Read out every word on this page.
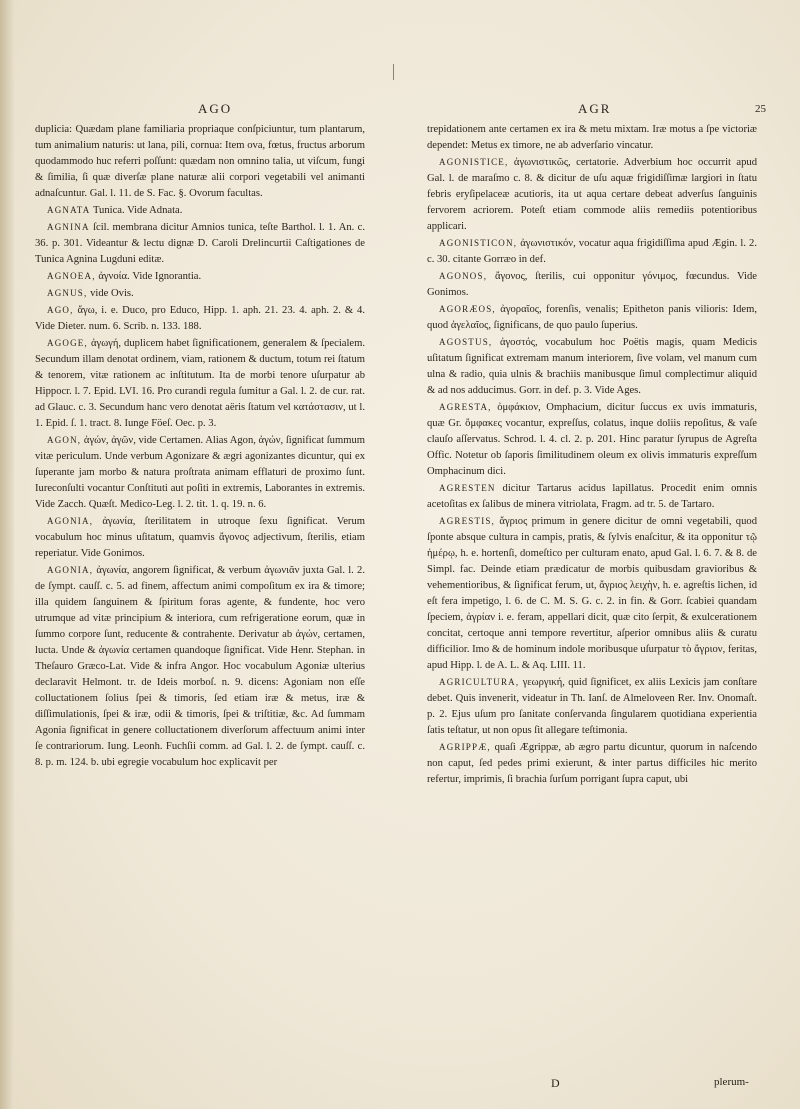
AGO	AGR	25

duplicia: Quædam plane familiaria propriaque conſpiciuntur, tum plantarum, tum animalium naturis: ut lana, pili, cornua: Item ova, fœtus, fructus arborum quodammodo huc referri poſſunt: quædam non omnino talia, ut viſcum, fungi & ſimilia, ſi quæ diverſæ plane naturæ alii corpori vegetabili vel animanti adnaſcuntur. Gal. l. 11. de S. Fac. §. Ovorum facultas.

AGNATA Tunica. Vide Adnata.

AGNINA ſcil. membrana dicitur Amnios tunica, teſte Barthol. l. 1. An. c. 36. p. 301. Videantur & lectu dignæ D. Caroli Drelincurtii Caſtigationes de Tunica Agnina Lugduni editæ.

AGNOEA, ἀγνοία. Vide Ignorantia.

AGNUS, vide Ovis.

AGO, ἄγω, i. e. Duco, pro Educo, Hipp. 1. aph. 21. 23. 4. aph. 2. & 4. Vide Dieter. num. 6. Scrib. n. 133. 188.

AGOGE, ἀγωγή, duplicem habet ſignificationem, generalem & ſpecialem. Secundum illam denotat ordinem, viam, rationem & ductum, totum rei ſtatum & tenorem, vitæ rationem ac inſtitutum. Ita de morbi tenore uſurpatur ab Hippocr. l. 7. Epid. LVI. 16. Pro curandi regula ſumitur a Gal. l. 2. de cur. rat. ad Glauc. c. 3. Secundum hanc vero denotat aëris ſtatum vel κατάστασιν, ut l. 1. Epid. ſ. 1. tract. 8. Iunge Föeſ. Oec. p. 3.

AGON, ἀγών, ἀγῶν, vide Certamen. Alias Agon, ἀγών, ſignificat ſummum vitæ periculum. Unde verbum Agonizare & ægri agonizantes dicuntur, qui ex ſuperante jam morbo & natura proſtrata animam efflaturi de proximo ſunt. Iureconſulti vocantur Conſtituti aut poſiti in extremis, Laborantes in extremis. Vide Zacch. Quæſt. Medico-Leg. l. 2. tit. 1. q. 19. n. 6.

AGONIA, ἀγωνία, ſterilitatem in utroque ſexu ſignificat. Verum vocabulum hoc minus uſitatum, quamvis ἄγονος adjectivum, ſterilis, etiam reperiatur. Vide Gonimos.

AGONIA, ἀγωνία, angorem ſignificat, & verbum ἀγωνιᾶν juxta Gal. l. 2. de ſympt. cauſſ. c. 5. ad finem, affectum animi compoſitum ex ira & timore; illa quidem ſanguinem & ſpiritum foras agente, & fundente, hoc vero utrumque ad vitæ principium & interiora, cum refrigeratione eorum, quæ in ſummo corpore ſunt, reducente & contrahente. Derivatur ab ἀγών, certamen, lucta. Unde & ἀγωνία certamen quandoque ſignificat. Vide Henr. Stephan. in Theſauro Græco-Lat. Vide & infra Angor. Hoc vocabulum Agoniæ ulterius declaravit Helmont. tr. de Ideis morboſ. n. 9. dicens: Agoniam non eſſe colluctationem ſolius ſpei & timoris, ſed etiam iræ & metus, iræ & diſſimulationis, ſpei & iræ, odii & timoris, ſpei & triſtitiæ, &c. Ad ſummam Agonia ſignificat in genere colluctationem diverſorum affectuum animi inter ſe contrariorum. Iung. Leonh. Fuchſii comm. ad Gal. l. 2. de ſympt. cauſſ. c. 8. p. m. 124. b. ubi egregie vocabulum hoc explicavit per

trepidationem ante certamen ex ira & metu mixtam. Iræ motus a ſpe victoriæ dependet: Metus ex timore, ne ab adverſario vincatur.

AGONISTICE, ἀγωνιστικῶς, certatorie. Adverbium hoc occurrit apud Gal. l. de maraſmo c. 8. & dicitur de uſu aquæ frigidiſſimæ largiori in ſtatu febris eryſipelaceæ acutioris, ita ut aqua certare debeat adverſus ſanguinis fervorem acriorem. Poteſt etiam commode aliis remediis potentioribus applicari.

AGONISTICON, ἀγωνιστικόν, vocatur aqua frigidiſſima apud Ægin. l. 2. c. 30. citante Gorræo in def.

AGONOS, ἄγονος, ſterilis, cui opponitur γόνιμος, fœcundus. Vide Gonimos.

AGORÆOS, ἀγοραῖος, forenſis, venalis; Epitheton panis vilioris: Idem, quod ἀγελαῖος, ſignificans, de quo paulo ſuperius.

AGOSTUS, ἀγοστός, vocabulum hoc Poëtis magis, quam Medicis uſitatum ſignificat extremam manum interiorem, ſive volam, vel manum cum ulna & radio, quia ulnis & brachiis manibusque ſimul complectimur aliquid & ad nos adducimus. Gorr. in def. p. 3. Vide Ages.

AGRESTA, ὀμφάκιον, Omphacium, dicitur ſuccus ex uvis immaturis, quæ Gr. ὄμφακες vocantur, expreſſus, colatus, inque doliis repoſitus, & vaſe clauſo aſſervatus. Schrod. l. 4. cl. 2. p. 201. Hinc paratur ſyrupus de Agreſta Offic. Notetur ob ſaporis ſimilitudinem oleum ex olivis immaturis expreſſum Omphacinum dici.

AGRESTEN dicitur Tartarus acidus lapillatus. Procedit enim omnis acetoſitas ex ſalibus de minera vitriolata, Fragm. ad tr. 5. de Tartaro.

AGRESTIS, ἄγριος primum in genere dicitur de omni vegetabili, quod ſponte absque cultura in campis, pratis, & ſylvis enaſcitur, & ita opponitur τῷ ἡμέρῳ, h. e. hortenſi, domeſtico per culturam enato, apud Gal. l. 6. 7. & 8. de Simpl. fac. Deinde etiam prædicatur de morbis quibusdam gravioribus & vehementioribus, & ſignificat ferum, ut, ἄγριος λειχὴν, h. e. agreſtis lichen, id eſt fera impetigo, l. 6. de C. M. S. G. c. 2. in fin. & Gorr. ſcabiei quandam ſpeciem, ἀγρίαν i. e. feram, appellari dicit, quæ cito ſerpit, & exulcerationem concitat, certoque anni tempore revertitur, aſperior omnibus aliis & curatu difficilior. Imo & de hominum indole moribusque uſurpatur τὸ ἄγριον, feritas, apud Hipp. l. de A. L. & Aq. LIII. 11.

AGRICULTURA, γεωργική, quid ſignificet, ex aliis Lexicis jam conſtare debet. Quis invenerit, videatur in Th. Ianſ. de Almeloveen Rer. Inv. Onomaſt. p. 2. Ejus uſum pro ſanitate conſervanda ſingularem quotidiana experientia ſatis teſtatur, ut non opus ſit allegare teſtimonia.

AGRIPPÆ, quaſi Ægrippæ, ab ægro partu dicuntur, quorum in naſcendo non caput, ſed pedes primi exierunt, & inter partus difficiles hic merito refertur, imprimis, ſi brachia ſurſum porrigant ſupra caput, ubi

D	plerum-
